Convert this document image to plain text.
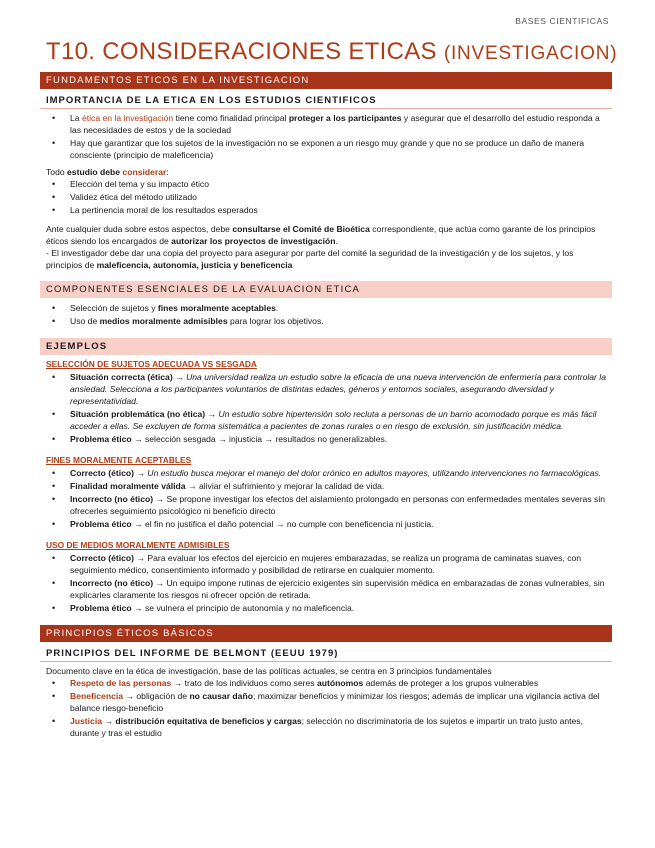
BASES CIENTIFICAS
T10. CONSIDERACIONES ETICAS (INVESTIGACION)
FUNDAMENTOS ETICOS EN LA INVESTIGACION
IMPORTANCIA DE LA ETICA EN LOS ESTUDIOS CIENTIFICOS
• La ética en la investigación tiene como finalidad principal proteger a los participantes y asegurar que el desarrollo del estudio responda a las necesidades de estos y de la sociedad
• Hay que garantizar que los sujetos de la investigación no se exponen a un riesgo muy grande y que no se produce un daño de manera consciente (principio de maleficencia)

Todo estudio debe considerar:

• Elección del tema y su impacto ético
• Validez ética del método utilizado
• La pertinencia moral de los resultados esperados

Ante cualquier duda sobre estos aspectos, debe consultarse el Comité de Bioética correspondiente, que actúa como garante de los principios éticos siendo los encargados de autorizar los proyectos de investigación.

- El investigador debe dar una copia del proyecto para asegurar por parte del comité la seguridad de la investigación y de los sujetos, y los principios de maleficencia, autonomía, justicia y beneficencia

COMPONENTES ESENCIALES DE LA EVALUACION ETICA
• Selección de sujetos y fines moralmente aceptables.
• Uso de medios moralmente admisibles para lograr los objetivos.
EJEMPLOS
SELECCIÓN DE SUJETOS ADECUADA VS SESGADA
• Situación correcta (ética) → Una universidad realiza un estudio sobre la eficacia de una nueva intervención de enfermería para controlar la ansiedad. Selecciona a los participantes voluntarios de distintas edades, géneros y entornos sociales, asegurando diversidad y representatividad.
• Situación problemática (no ética) → Un estudio sobre hipertensión solo recluta a personas de un barrio acomodado porque es más fácil acceder a ellas. Se excluyen de forma sistemática a pacientes de zonas rurales o en riesgo de exclusión, sin justificación médica.
• Problema ético → selección sesgada → injusticia → resultados no generalizables.
FINES MORALMENTE ACEPTABLES
• Correcto (ético) → Un estudio busca mejorar el manejo del dolor crónico en adultos mayores, utilizando intervenciones no farmacológicas.
• Finalidad moralmente válida → aliviar el sufrimiento y mejorar la calidad de vida.
• Incorrecto (no ético) → Se propone investigar los efectos del aislamiento prolongado en personas con enfermedades mentales severas sin ofrecerles seguimiento psicológico ni beneficio directo
• Problema ético → el fin no justifica el daño potencial → no cumple con beneficencia ni justicia.
USO DE MEDIOS MORALMENTE ADMISIBLES
• Correcto (ético) → Para evaluar los efectos del ejercicio en mujeres embarazadas, se realiza un programa de caminatas suaves, con seguimiento médico, consentimiento informado y posibilidad de retirarse en cualquier momento.
• Incorrecto (no ético) → Un equipo impone rutinas de ejercicio exigentes sin supervisión médica en embarazadas de zonas vulnerables, sin explicarles claramente los riesgos ni ofrecer opción de retirada.
• Problema ético → se vulnera el principio de autonomía y no maleficencia.
PRINCIPIOS ÉTICOS BÁSICOS
PRINCIPIOS DEL INFORME DE BELMONT (EEUU 1979)

Documento clave en la ética de investigación, base de las políticas actuales, se centra en 3 principios fundamentales

• Respeto de las personas → trato de los individuos como seres autónomos además de proteger a los grupos vulnerables
• Beneficencia → obligación de no causar daño; maximizar beneficios y minimizar los riesgos; además de implicar una vigilancia activa del balance riesgo-beneficio
• Justicia → distribución equitativa de beneficios y cargas; selección no discriminatoria de los sujetos e impartir un trato justo antes, durante y tras el estudio
